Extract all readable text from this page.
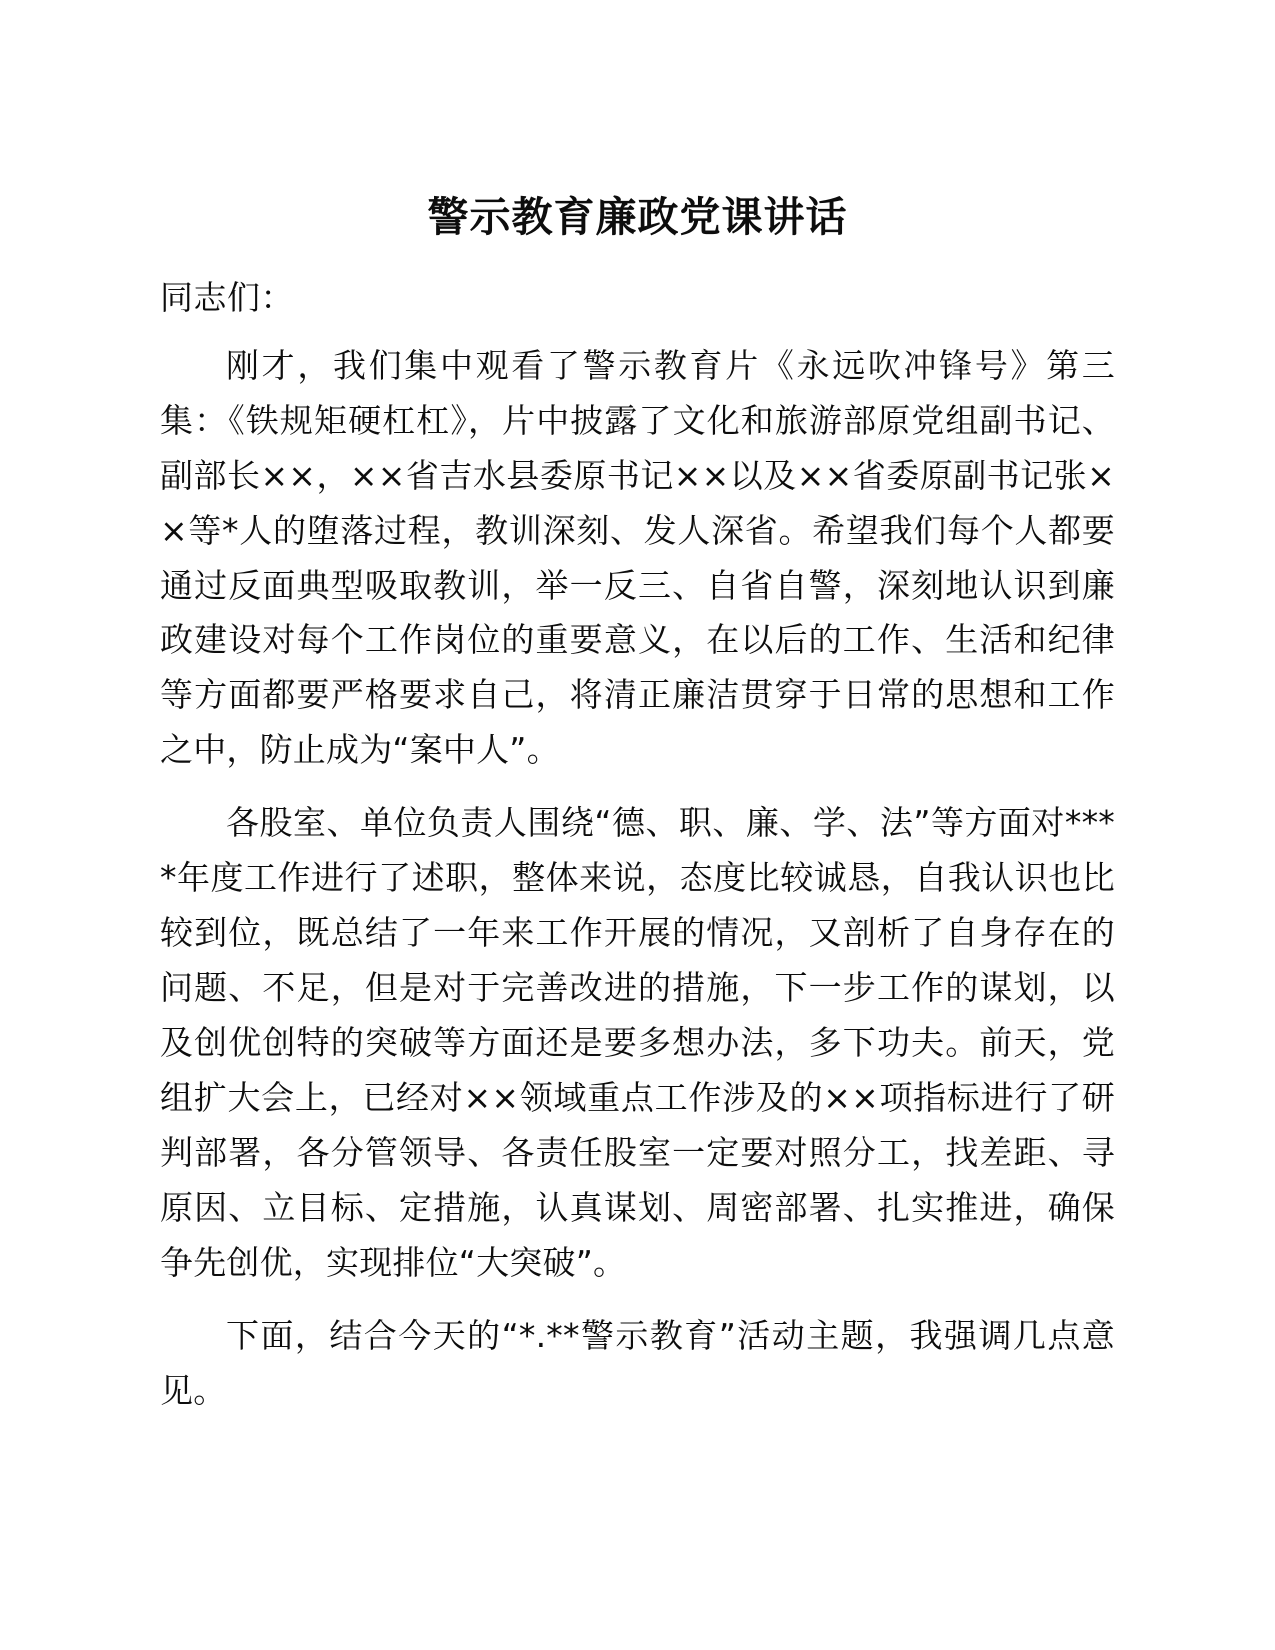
警示教育廉政党课讲话

同志们：

刚才，我们集中观看了警示教育片《永远吹冲锋号》第三集：《铁规矩硬杠杠》，片中披露了文化和旅游部原党组副书记、副部长××，××省吉水县委原书记××以及××省委原副书记张××等*人的堕落过程，教训深刻、发人深省。希望我们每个人都要通过反面典型吸取教训，举一反三、自省自警，深刻地认识到廉政建设对每个工作岗位的重要意义，在以后的工作、生活和纪律等方面都要严格要求自己，将清正廉洁贯穿于日常的思想和工作之中，防止成为“案中人”。

各股室、单位负责人围绕“德、职、廉、学、法”等方面对****年度工作进行了述职，整体来说，态度比较诚恳，自我认识也比较到位，既总结了一年来工作开展的情况，又剖析了自身存在的问题、不足，但是对于完善改进的措施，下一步工作的谋划，以及创优创特的突破等方面还是要多想办法，多下功夫。前天，党组扩大会上，已经对××领域重点工作涉及的××项指标进行了研判部署，各分管领导、各责任股室一定要对照分工，找差距、寻原因、立目标、定措施，认真谋划、周密部署、扎实推进，确保争先创优，实现排位“大突破”。

下面，结合今天的“*.**警示教育”活动主题，我强调几点意见。
